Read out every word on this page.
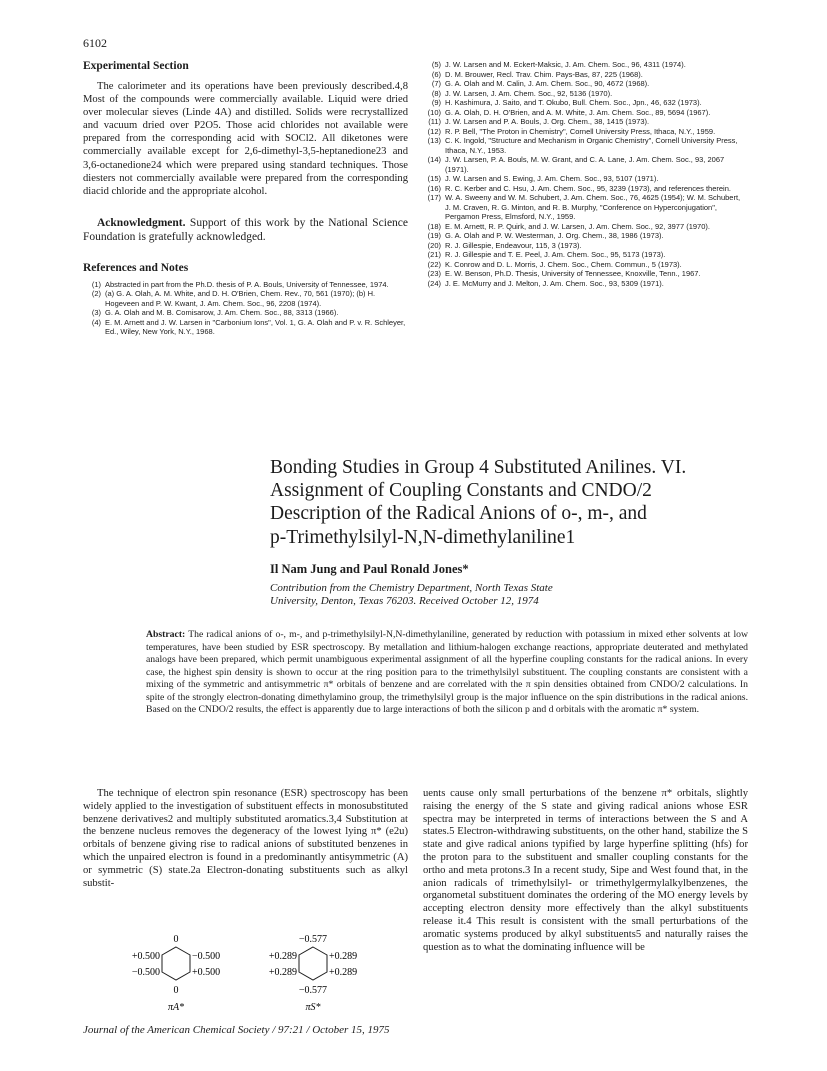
6102
Experimental Section

The calorimeter and its operations have been previously described.4,8 Most of the compounds were commercially available. Liquid were dried over molecular sieves (Linde 4A) and distilled. Solids were recrystallized and vacuum dried over P2O5. Those acid chlorides not available were prepared from the corresponding acid with SOCl2. All diketones were commercially available except for 2,6-dimethyl-3,5-heptanedione23 and 3,6-octanedione24 which were prepared using standard techniques. Those diesters not commercially available were prepared from the corresponding diacid chloride and the appropriate alcohol.

Acknowledgment. Support of this work by the National Science Foundation is gratefully acknowledged.

References and Notes
(1) Abstracted in part from the Ph.D. thesis of P. A. Bouls, University of Tennessee, 1974.
(2) (a) G. A. Olah, A. M. White, and D. H. O'Brien, Chem. Rev., 70, 561 (1970); (b) H. Hogeveen and P. W. Kwant, J. Am. Chem. Soc., 96, 2208 (1974).
(3) G. A. Olah and M. B. Comisarow, J. Am. Chem. Soc., 88, 3313 (1966).
(4) E. M. Arnett and J. W. Larsen in "Carbonium Ions", Vol. 1, G. A. Olah and P. v. R. Schleyer, Ed., Wiley, New York, N.Y., 1968.
(5) J. W. Larsen and M. Eckert-Maksic, J. Am. Chem. Soc., 96, 4311 (1974).
(6) D. M. Brouwer, Recl. Trav. Chim. Pays-Bas, 87, 225 (1968).
(7) G. A. Olah and M. Calin, J. Am. Chem. Soc., 90, 4672 (1968).
(8) J. W. Larsen, J. Am. Chem. Soc., 92, 5136 (1970).
(9) H. Kashimura, J. Saito, and T. Okubo, Bull. Chem. Soc., Jpn., 46, 632 (1973).
(10) G. A. Olah, D. H. O'Brien, and A. M. White, J. Am. Chem. Soc., 89, 5694 (1967).
(11) J. W. Larsen and P. A. Bouls, J. Org. Chem., 38, 1415 (1973).
(12) R. P. Bell, "The Proton in Chemistry", Cornell University Press, Ithaca, N.Y., 1959.
(13) C. K. Ingold, "Structure and Mechanism in Organic Chemistry", Cornell University Press, Ithaca, N.Y., 1953.
(14) J. W. Larsen, P. A. Bouls, M. W. Grant, and C. A. Lane, J. Am. Chem. Soc., 93, 2067 (1971).
(15) J. W. Larsen and S. Ewing, J. Am. Chem. Soc., 93, 5107 (1971).
(16) R. C. Kerber and C. Hsu, J. Am. Chem. Soc., 95, 3239 (1973), and references therein.
(17) W. A. Sweeny and W. M. Schubert, J. Am. Chem. Soc., 76, 4625 (1954); W. M. Schubert, J. M. Craven, R. G. Minton, and R. B. Murphy, "Conference on Hyperconjugation", Pergamon Press, Elmsford, N.Y., 1959.
(18) E. M. Arnett, R. P. Quirk, and J. W. Larsen, J. Am. Chem. Soc., 92, 3977 (1970).
(19) G. A. Olah and P. W. Westerman, J. Org. Chem., 38, 1986 (1973).
(20) R. J. Gillespie, Endeavour, 115, 3 (1973).
(21) R. J. Gillespie and T. E. Peel, J. Am. Chem. Soc., 95, 5173 (1973).
(22) K. Conrow and D. L. Morris, J. Chem. Soc., Chem. Commun., 5 (1973).
(23) E. W. Benson, Ph.D. Thesis, University of Tennessee, Knoxville, Tenn., 1967.
(24) J. E. McMurry and J. Melton, J. Am. Chem. Soc., 93, 5309 (1971).
Bonding Studies in Group 4 Substituted Anilines. VI.
Assignment of Coupling Constants and CNDO/2
Description of the Radical Anions of o-, m-, and
p-Trimethylsilyl-N,N-dimethylaniline1
Il Nam Jung and Paul Ronald Jones*
Contribution from the Chemistry Department, North Texas State University, Denton, Texas 76203. Received October 12, 1974
Abstract: The radical anions of o-, m-, and p-trimethylsilyl-N,N-dimethylaniline, generated by reduction with potassium in mixed ether solvents at low temperatures, have been studied by ESR spectroscopy. By metallation and lithium-halogen exchange reactions, appropriate deuterated and methylated analogs have been prepared, which permit unambiguous experimental assignment of all the hyperfine coupling constants for the radical anions. In every case, the highest spin density is shown to occur at the ring position para to the trimethylsilyl substituent. The coupling constants are consistent with a mixing of the symmetric and antisymmetric π* orbitals of benzene and are correlated with the π spin densities obtained from CNDO/2 calculations. In spite of the strongly electron-donating dimethylamino group, the trimethylsilyl group is the major influence on the spin distributions in the radical anions. Based on the CNDO/2 results, the effect is apparently due to large interactions of both the silicon p and d orbitals with the aromatic π* system.

The technique of electron spin resonance (ESR) spectroscopy has been widely applied to the investigation of substituent effects in monosubstituted benzene derivatives2 and multiply substituted aromatics.3,4 Substitution at the benzene nucleus removes the degeneracy of the lowest lying π* (e2u) orbitals of benzene giving rise to radical anions of substituted benzenes in which the unpaired electron is found in a predominantly antisymmetric (A) or symmetric (S) state.2a Electron-donating substituents such as alkyl substit-

uents cause only small perturbations of the benzene π* orbitals, slightly raising the energy of the S state and giving radical anions whose ESR spectra may be interpreted in terms of interactions between the S and A states.5 Electron-withdrawing substituents, on the other hand, stabilize the S state and give radical anions typified by large hyperfine splitting (hfs) for the proton para to the substituent and smaller coupling constants for the ortho and meta protons.3 In a recent study, Sipe and West found that, in the anion radicals of trimethylsilyl- or trimethylgermylalkylbenzenes, the organometal substituent dominates the ordering of the MO energy levels by accepting electron density more effectively than the alkyl substituents release it.4 This result is consistent with the small perturbations of the aromatic systems produced by alkyl substituents5 and naturally raises the question as to what the dominating influence will be

0
+0.500	−0.500
−0.500	+0.500
0
πA*
−0.577
+0.289	+0.289
+0.289	+0.289
−0.577
πS*
Journal of the American Chemical Society / 97:21 / October 15, 1975
